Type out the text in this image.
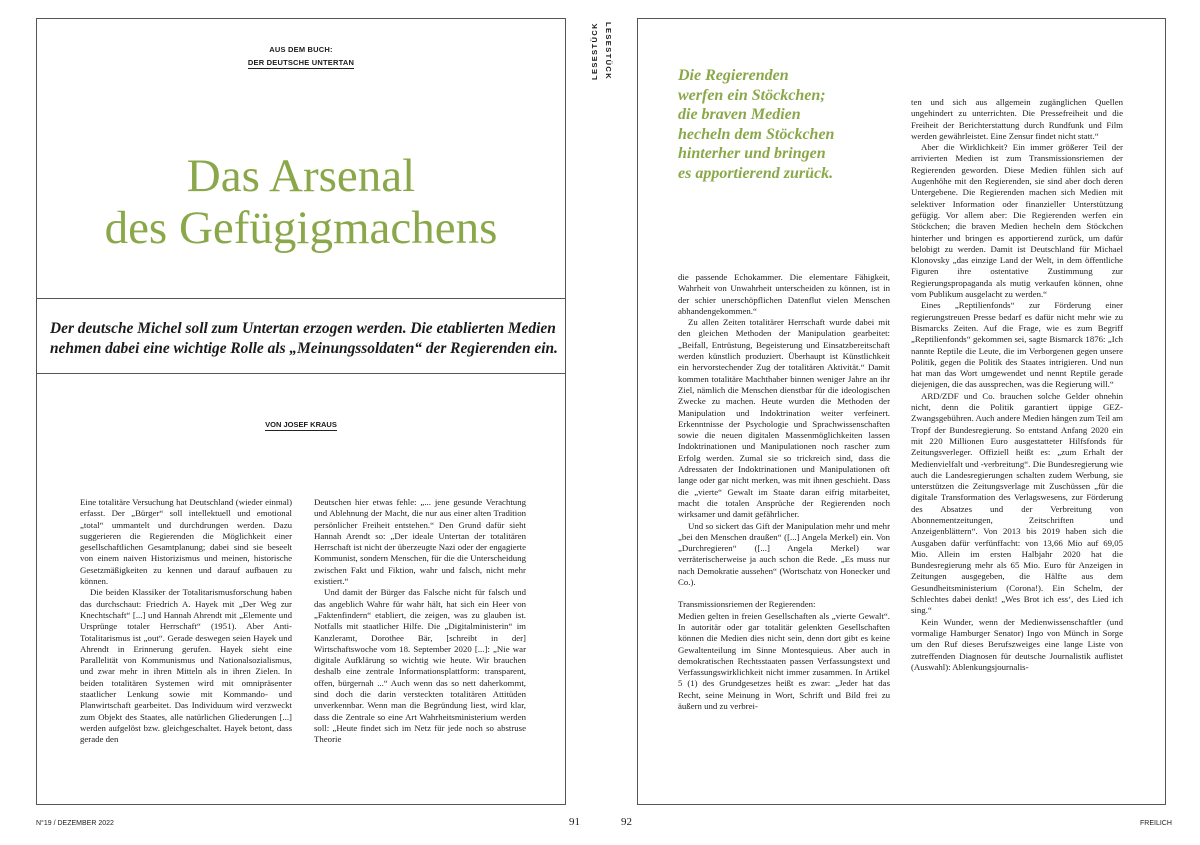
AUS DEM BUCH:
DER DEUTSCHE UNTERTAN
Das Arsenal
des Gefügigmachens
Der deutsche Michel soll zum Untertan erzogen werden. Die etablierten Medien
nehmen dabei eine wichtige Rolle als „Meinungssoldaten“ der Regierenden ein.
VON JOSEF KRAUS

Eine totalitäre Versuchung hat Deutschland (wieder einmal) erfasst. Der „Bürger“ soll intellektuell und emotional „total“ ummantelt und durchdrungen werden. Dazu suggerieren die Regierenden die Möglichkeit einer gesellschaftlichen Gesamtplanung; dabei sind sie beseelt von einem naiven Historizismus und meinen, historische Gesetzmäßigkeiten zu kennen und darauf aufbauen zu können.

Die beiden Klassiker der Totalitarismusforschung haben das durchschaut: Friedrich A. Hayek mit „Der Weg zur Knechtschaft“ [...] und Hannah Ahrendt mit „Elemente und Ursprünge totaler Herrschaft“ (1951). Aber Anti-Totalitarismus ist „out“. Gerade deswegen seien Hayek und Ahrendt in Erinnerung gerufen. Hayek sieht eine Parallelität von Kommunismus und Nationalsozialismus, und zwar mehr in ihren Mitteln als in ihren Zielen. In beiden totalitären Systemen wird mit omnipräsenter staatlicher Lenkung sowie mit Kommando- und Planwirtschaft gearbeitet. Das Individuum wird verzweckt zum Objekt des Staates, alle natürlichen Gliederungen [...] werden aufgelöst bzw. gleichgeschaltet. Hayek betont, dass gerade den

Deutschen hier etwas fehle: „... jene gesunde Verachtung und Ablehnung der Macht, die nur aus einer alten Tradition persönlicher Freiheit entstehen.“ Den Grund dafür sieht Hannah Arendt so: „Der ideale Untertan der totalitären Herrschaft ist nicht der überzeugte Nazi oder der engagierte Kommunist, sondern Menschen, für die die Unterscheidung zwischen Fakt und Fiktion, wahr und falsch, nicht mehr existiert.“

Und damit der Bürger das Falsche nicht für falsch und das angeblich Wahre für wahr hält, hat sich ein Heer von „Faktenfindern“ etabliert, die zeigen, was zu glauben ist. Notfalls mit staatlicher Hilfe. Die „Digitalministerin“ im Kanzleramt, Dorothee Bär, [schreibt in der] Wirtschaftswoche vom 18. September 2020 [...]: „Nie war digitale Aufklärung so wichtig wie heute. Wir brauchen deshalb eine zentrale Informationsplattform: transparent, offen, bürgernah ...“ Auch wenn das so nett daherkommt, sind doch die darin versteckten totalitären Attitüden unverkennbar. Wenn man die Begründung liest, wird klar, dass die Zentrale so eine Art Wahrheitsministerium werden soll: „Heute findet sich im Netz für jede noch so abstruse Theorie

LESESTÜCK LESESTÜCK	Die Regierenden
werfen ein Stöckchen;
die braven Medien
hecheln dem Stöckchen
hinterher und bringen
es apportierend zurück.

die passende Echokammer. Die elementare Fähigkeit, Wahrheit von Unwahrheit unterscheiden zu können, ist in der schier unerschöpflichen Datenflut vielen Menschen abhandengekommen.“

Zu allen Zeiten totalitärer Herrschaft wurde dabei mit den gleichen Methoden der Manipulation gearbeitet: „Beifall, Entrüstung, Begeisterung und Einsatzbereitschaft werden künstlich produziert. Überhaupt ist Künstlichkeit ein hervorstechender Zug der totalitären Aktivität.“ Damit kommen totalitäre Machthaber binnen weniger Jahre an ihr Ziel, nämlich die Menschen dienstbar für die ideologischen Zwecke zu machen. Heute wurden die Methoden der Manipulation und Indoktrination weiter verfeinert. Erkenntnisse der Psychologie und Sprachwissenschaften sowie die neuen digitalen Massenmöglichkeiten lassen Indoktrinationen und Manipulationen noch rascher zum Erfolg werden. Zumal sie so trickreich sind, dass die Adressaten der Indoktrinationen und Manipulationen oft lange oder gar nicht merken, was mit ihnen geschieht. Dass die „vierte“ Gewalt im Staate daran eifrig mitarbeitet, macht die totalen Ansprüche der Regierenden noch wirksamer und damit gefährlicher.

Und so sickert das Gift der Manipulation mehr und mehr „bei den Menschen draußen“ ([...] Angela Merkel) ein. Von „Durchregieren“ ([...] Angela Merkel) war verräterischerweise ja auch schon die Rede. „Es muss nur nach Demokratie aussehen“ (Wortschatz von Honecker und Co.).

Transmissionsriemen der Regierenden:

Medien gelten in freien Gesellschaften als „vierte Gewalt“. In autoritär oder gar totalitär gelenkten Gesellschaften können die Medien dies nicht sein, denn dort gibt es keine Gewaltenteilung im Sinne Montesquieus. Aber auch in demokratischen Rechtsstaaten passen Verfassungstext und Verfassungswirklichkeit nicht immer zusammen. In Artikel 5 (1) des Grundgesetzes heißt es zwar: „Jeder hat das Recht, seine Meinung in Wort, Schrift und Bild frei zu äußern und zu verbrei-

ten und sich aus allgemein zugänglichen Quellen ungehindert zu unterrichten. Die Pressefreiheit und die Freiheit der Berichterstattung durch Rundfunk und Film werden gewährleistet. Eine Zensur findet nicht statt.“

Aber die Wirklichkeit? Ein immer größerer Teil der arrivierten Medien ist zum Transmissionsriemen der Regierenden geworden. Diese Medien fühlen sich auf Augenhöhe mit den Regierenden, sie sind aber doch deren Untergebene. Die Regierenden machen sich Medien mit selektiver Information oder finanzieller Unterstützung gefügig. Vor allem aber: Die Regierenden werfen ein Stöckchen; die braven Medien hecheln dem Stöckchen hinterher und bringen es apportierend zurück, um dafür belobigt zu werden. Damit ist Deutschland für Michael Klonovsky „das einzige Land der Welt, in dem öffentliche Figuren ihre ostentative Zustimmung zur Regierungspropaganda als mutig verkaufen können, ohne vom Publikum ausgelacht zu werden.“

Eines „Reptilienfonds“ zur Förderung einer regierungstreuen Presse bedarf es dafür nicht mehr wie zu Bismarcks Zeiten. Auf die Frage, wie es zum Begriff „Reptilienfonds“ gekommen sei, sagte Bismarck 1876: „Ich nannte Reptile die Leute, die im Verborgenen gegen unsere Politik, gegen die Politik des Staates intrigieren. Und nun hat man das Wort umgewendet und nennt Reptile gerade diejenigen, die das aussprechen, was die Regierung will.“

ARD/ZDF und Co. brauchen solche Gelder ohnehin nicht, denn die Politik garantiert üppige GEZ-Zwangsgebühren. Auch andere Medien hängen zum Teil am Tropf der Bundesregierung. So entstand Anfang 2020 ein mit 220 Millionen Euro ausgestatteter Hilfsfonds für Zeitungsverleger. Offiziell heißt es: „zum Erhalt der Medienvielfalt und -verbreitung“. Die Bundesregierung wie auch die Landesregierungen schalten zudem Werbung, sie unterstützen die Zeitungsverlage mit Zuschüssen „für die digitale Transformation des Verlagswesens, zur Förderung des Absatzes und der Verbreitung von Abonnementzeitungen, Zeitschriften und Anzeigenblättern“. Von 2013 bis 2019 haben sich die Ausgaben dafür verfünffacht: von 13,66 Mio auf 69,05 Mio. Allein im ersten Halbjahr 2020 hat die Bundesregierung mehr als 65 Mio. Euro für Anzeigen in Zeitungen ausgegeben, die Hälfte aus dem Gesundheitsministerium (Corona!). Ein Schelm, der Schlechtes dabei denkt! „Wes Brot ich ess‘, des Lied ich sing.“

Kein Wunder, wenn der Medienwissenschaftler (und vormalige Hamburger Senator) Ingo von Münch in Sorge um den Ruf dieses Berufszweiges eine lange Liste von zutreffenden Diagnosen für deutsche Journalistik auflistet (Auswahl): Ablenkungsjournalis-

N°19 / DEZEMBER 2022	91	92	FREILICH
